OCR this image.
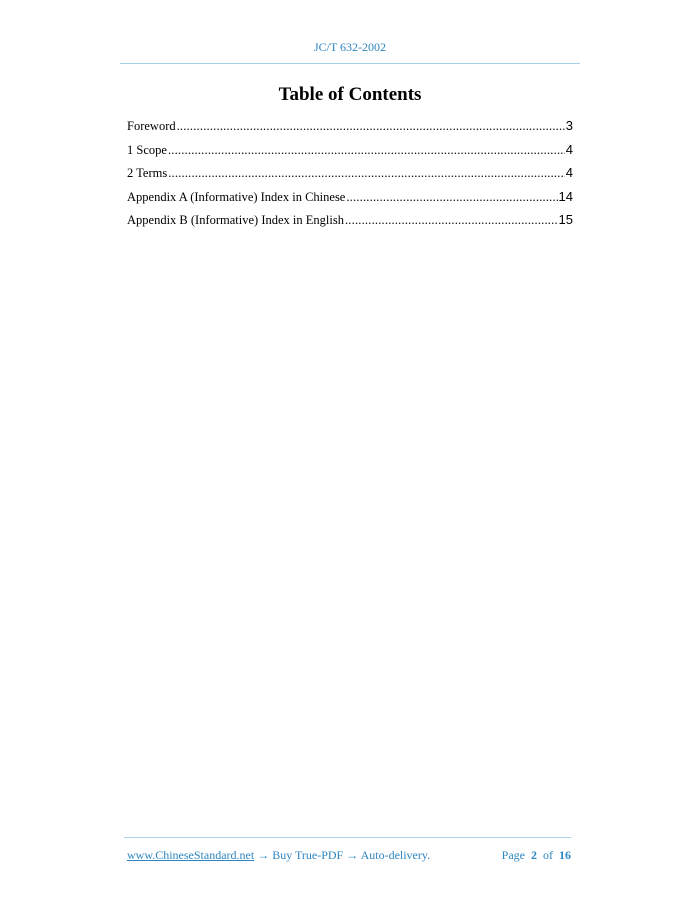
JC/T 632-2002
Table of Contents
Foreword .....	3
1 Scope .....	4
2 Terms .....	4
Appendix A (Informative) Index in Chinese .....	14
Appendix B (Informative) Index in English .....	15
www.ChineseStandard.net → Buy True-PDF → Auto-delivery.	Page 2 of 16
